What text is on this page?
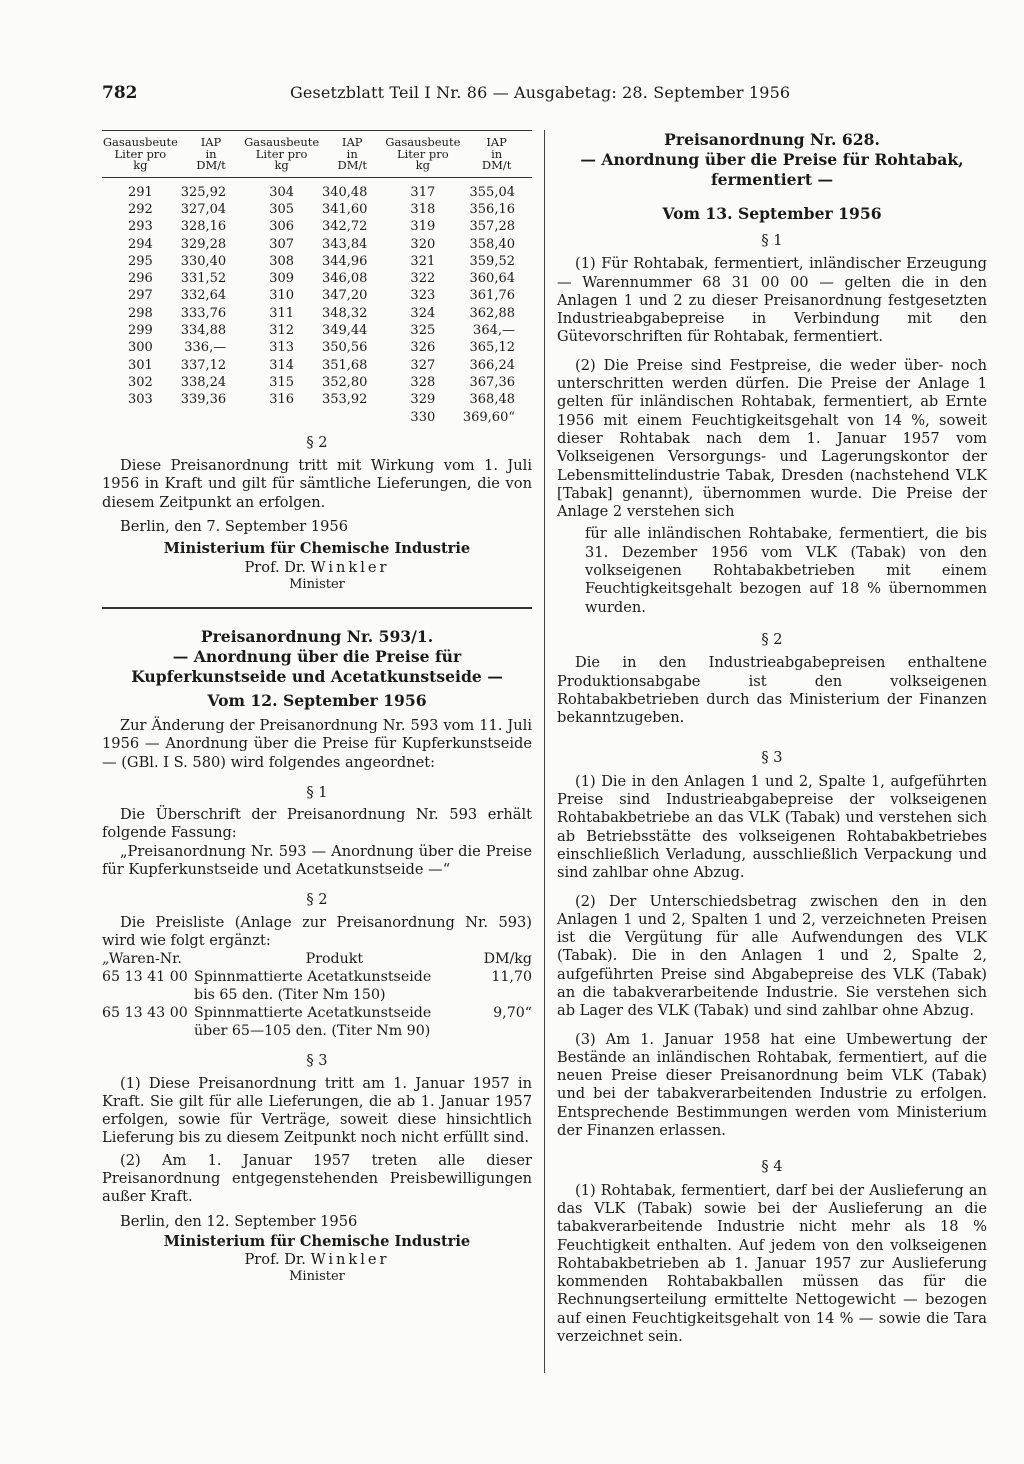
782	Gesetzblatt Teil I Nr. 86 — Ausgabetag: 28. September 1956
Gasausbeute
Liter pro
kg	IAP
in
DM/t	Gasausbeute
Liter pro
kg	IAP
in
DM/t	Gasausbeute
Liter pro
kg	IAP
in
DM/t
291	325,92	304	340,48	317	355,04
292	327,04	305	341,60	318	356,16
293	328,16	306	342,72	319	357,28
294	329,28	307	343,84	320	358,40
295	330,40	308	344,96	321	359,52
296	331,52	309	346,08	322	360,64
297	332,64	310	347,20	323	361,76
298	333,76	311	348,32	324	362,88
299	334,88	312	349,44	325	364,—
300	336,—	313	350,56	326	365,12
301	337,12	314	351,68	327	366,24
302	338,24	315	352,80	328	367,36
303	339,36	316	353,92	329	368,48
				330	369,60“

§ 2

Diese Preisanordnung tritt mit Wirkung vom 1. Juli 1956 in Kraft und gilt für sämtliche Lieferungen, die von diesem Zeitpunkt an erfolgen.

Berlin, den 7. September 1956

Ministerium für Chemische Industrie

Prof. Dr. Winkler

Minister

Preisanordnung Nr. 593/1.

— Anordnung über die Preise für Kupferkunstseide und Acetatkunstseide —

Vom 12. September 1956

Zur Änderung der Preisanordnung Nr. 593 vom 11. Juli 1956 — Anordnung über die Preise für Kupferkunstseide — (GBl. I S. 580) wird folgendes angeordnet:

§ 1

Die Überschrift der Preisanordnung Nr. 593 erhält folgende Fassung:

„Preisanordnung Nr. 593 — Anordnung über die Preise für Kupferkunstseide und Acetatkunstseide —“

§ 2

Die Preisliste (Anlage zur Preisanordnung Nr. 593) wird wie folgt ergänzt:

„Waren-Nr.	Produkt	DM/kg
65 13 41 00	Spinnmattierte Acetatkunstseide
bis 65 den. (Titer Nm 150)	11,70
65 13 43 00	Spinnmattierte Acetatkunstseide
über 65—105 den. (Titer Nm 90)	9,70“

§ 3

(1) Diese Preisanordnung tritt am 1. Januar 1957 in Kraft. Sie gilt für alle Lieferungen, die ab 1. Januar 1957 erfolgen, sowie für Verträge, soweit diese hinsichtlich Lieferung bis zu diesem Zeitpunkt noch nicht erfüllt sind.

(2) Am 1. Januar 1957 treten alle dieser Preisanordnung entgegenstehenden Preisbewilligungen außer Kraft.

Berlin, den 12. September 1956

Ministerium für Chemische Industrie

Prof. Dr. Winkler

Minister

Preisanordnung Nr. 628.

— Anordnung über die Preise für Rohtabak, fermentiert —

Vom 13. September 1956

§ 1

(1) Für Rohtabak, fermentiert, inländischer Erzeugung — Warennummer 68 31 00 00 — gelten die in den Anlagen 1 und 2 zu dieser Preisanordnung festgesetzten Industrieabgabepreise in Verbindung mit den Gütevorschriften für Rohtabak, fermentiert.

(2) Die Preise sind Festpreise, die weder über- noch unterschritten werden dürfen. Die Preise der Anlage 1 gelten für inländischen Rohtabak, fermentiert, ab Ernte 1956 mit einem Feuchtigkeitsgehalt von 14 %, soweit dieser Rohtabak nach dem 1. Januar 1957 vom Volkseigenen Versorgungs- und Lagerungskontor der Lebensmittelindustrie Tabak, Dresden (nachstehend VLK [Tabak] genannt), übernommen wurde. Die Preise der Anlage 2 verstehen sich

für alle inländischen Rohtabake, fermentiert, die bis 31. Dezember 1956 vom VLK (Tabak) von den volkseigenen Rohtabakbetrieben mit einem Feuchtigkeitsgehalt bezogen auf 18 % übernommen wurden.

§ 2

Die in den Industrieabgabepreisen enthaltene Produktionsabgabe ist den volkseigenen Rohtabakbetrieben durch das Ministerium der Finanzen bekanntzugeben.

§ 3

(1) Die in den Anlagen 1 und 2, Spalte 1, aufgeführten Preise sind Industrieabgabepreise der volkseigenen Rohtabakbetriebe an das VLK (Tabak) und verstehen sich ab Betriebsstätte des volkseigenen Rohtabakbetriebes einschließlich Verladung, ausschließlich Verpackung und sind zahlbar ohne Abzug.

(2) Der Unterschiedsbetrag zwischen den in den Anlagen 1 und 2, Spalten 1 und 2, verzeichneten Preisen ist die Vergütung für alle Aufwendungen des VLK (Tabak). Die in den Anlagen 1 und 2, Spalte 2, aufgeführten Preise sind Abgabepreise des VLK (Tabak) an die tabakverarbeitende Industrie. Sie verstehen sich ab Lager des VLK (Tabak) und sind zahlbar ohne Abzug.

(3) Am 1. Januar 1958 hat eine Umbewertung der Bestände an inländischen Rohtabak, fermentiert, auf die neuen Preise dieser Preisanordnung beim VLK (Tabak) und bei der tabakverarbeitenden Industrie zu erfolgen. Entsprechende Bestimmungen werden vom Ministerium der Finanzen erlassen.

§ 4

(1) Rohtabak, fermentiert, darf bei der Auslieferung an das VLK (Tabak) sowie bei der Auslieferung an die tabakverarbeitende Industrie nicht mehr als 18 % Feuchtigkeit enthalten. Auf jedem von den volkseigenen Rohtabakbetrieben ab 1. Januar 1957 zur Auslieferung kommenden Rohtabakballen müssen das für die Rechnungserteilung ermittelte Nettogewicht — bezogen auf einen Feuchtigkeitsgehalt von 14 % — sowie die Tara verzeichnet sein.
